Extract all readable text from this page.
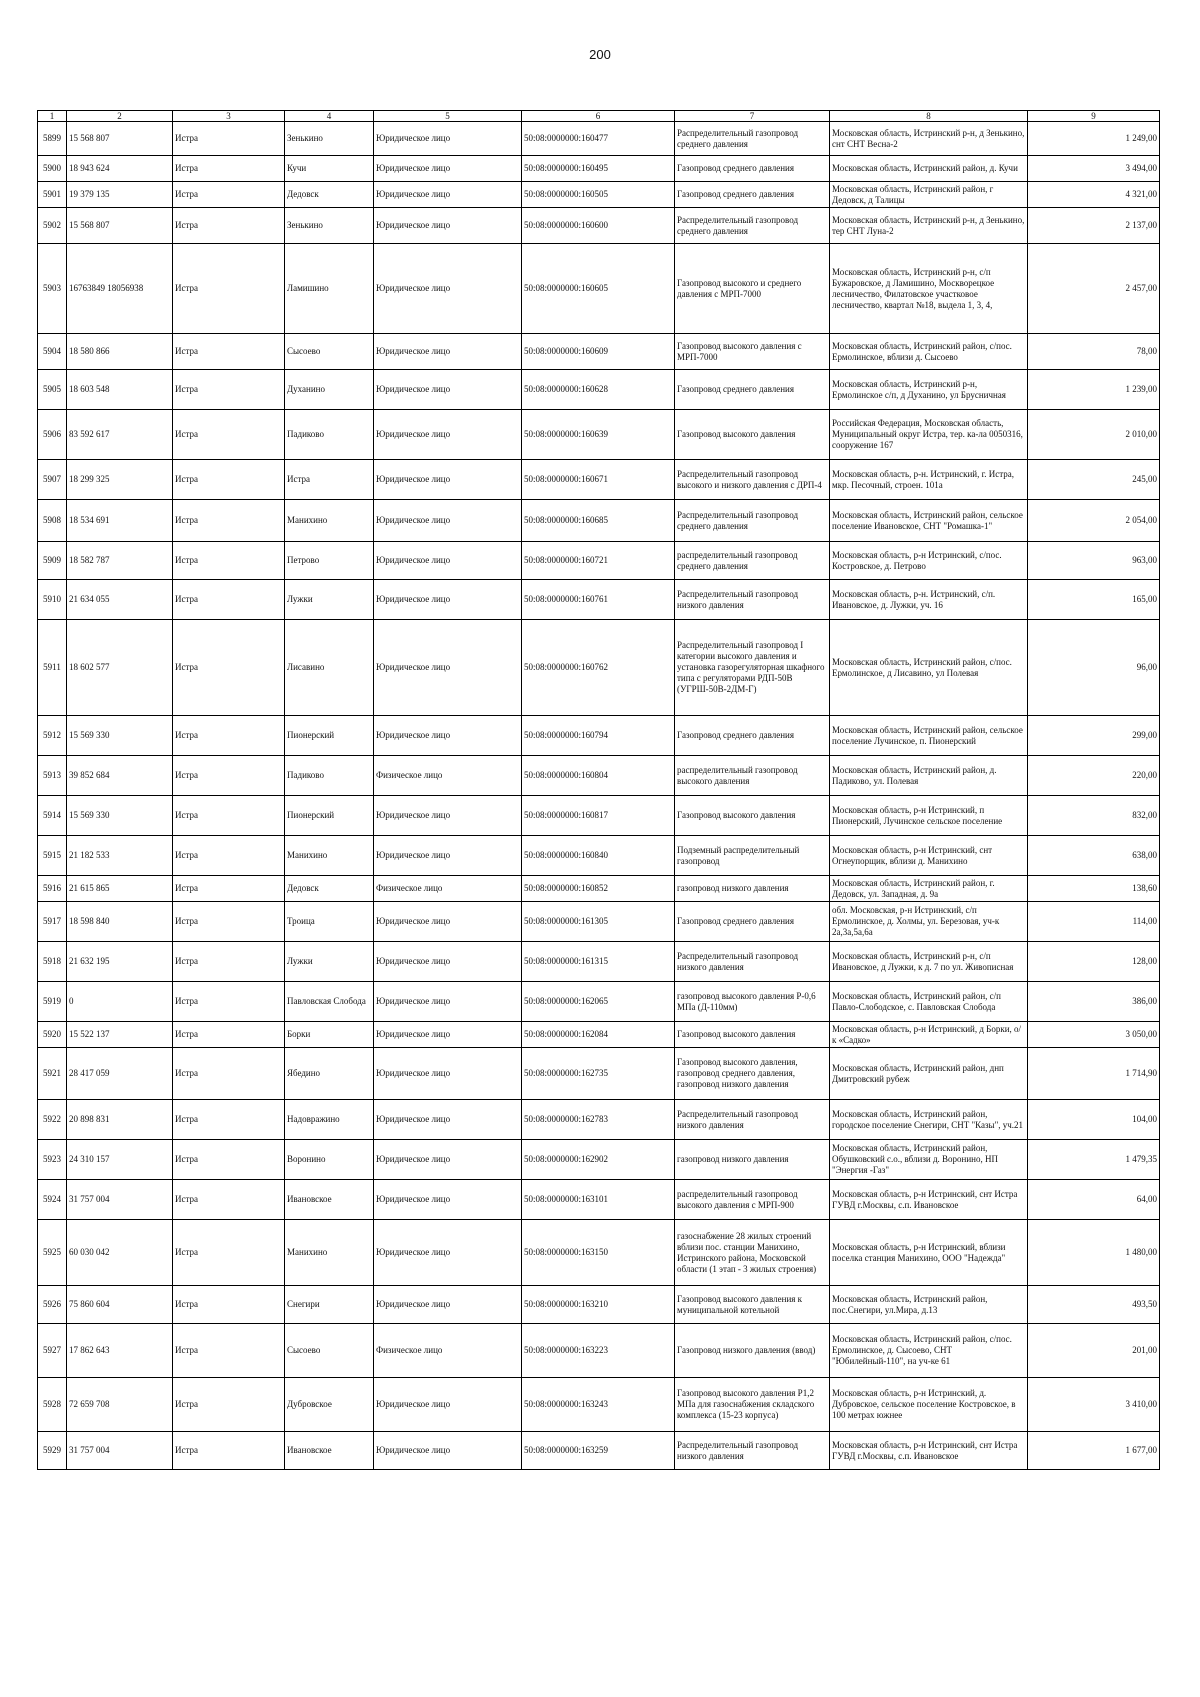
200
1	2	3	4	5	6	7	8	9
5899	15 568 807	Истра	Зенькино	Юридическое лицо	50:08:0000000:160477	Распределительный газопровод среднего давления	Московская область, Истринский р-н, д Зенькино, снт СНТ Весна-2	1 249,00
5900	18 943 624	Истра	Кучи	Юридическое лицо	50:08:0000000:160495	Газопровод среднего давления	Московская область, Истринский район, д. Кучи	3 494,00
5901	19 379 135	Истра	Дедовск	Юридическое лицо	50:08:0000000:160505	Газопровод среднего давления	Московская область, Истринский район, г Дедовск, д Талицы	4 321,00
5902	15 568 807	Истра	Зенькино	Юридическое лицо	50:08:0000000:160600	Распределительный газопровод среднего давления	Московская область, Истринский р-н, д Зенькино, тер СНТ Луна-2	2 137,00
5903	16763849 18056938	Истра	Ламишино	Юридическое лицо	50:08:0000000:160605	Газопровод высокого и среднего давления с МРП-7000	Московская область, Истринский р-н, с/п Бужаровское, д Ламишино, Москворецкое лесничество, Филатовское участковое лесничество, квартал №18, выдела 1, 3, 4,	2 457,00
5904	18 580 866	Истра	Сысоево	Юридическое лицо	50:08:0000000:160609	Газопровод высокого давления с МРП-7000	Московская область, Истринский район, с/пос. Ермолинское, вблизи д. Сысоево	78,00
5905	18 603 548	Истра	Духанино	Юридическое лицо	50:08:0000000:160628	Газопровод среднего давления	Московская область, Истринский р-н, Ермолинское с/п, д Духанино, ул Брусничная	1 239,00
5906	83 592 617	Истра	Падиково	Юридическое лицо	50:08:0000000:160639	Газопровод высокого давления	Российская Федерация, Московская область, Муниципальный округ Истра, тер. ка-ла 0050316, сооружение 167	2 010,00
5907	18 299 325	Истра	Истра	Юридическое лицо	50:08:0000000:160671	Распределительный газопровод высокого и низкого давления с ДРП-4	Московская область, р-н. Истринский, г. Истра, мкр. Песочный, строен. 101а	245,00
5908	18 534 691	Истра	Манихино	Юридическое лицо	50:08:0000000:160685	Распределительный газопровод среднего давления	Московская область, Истринский район, сельское поселение Ивановское, СНТ "Ромашка-1"	2 054,00
5909	18 582 787	Истра	Петрово	Юридическое лицо	50:08:0000000:160721	распределительный газопровод среднего давления	Московская область, р-н Истринский, с/пос. Костровское, д. Петрово	963,00
5910	21 634 055	Истра	Лужки	Юридическое лицо	50:08:0000000:160761	Распределительный газопровод низкого давления	Московская область, р-н. Истринский, с/п. Ивановское, д. Лужки, уч. 16	165,00
5911	18 602 577	Истра	Лисавино	Юридическое лицо	50:08:0000000:160762	Распределительный газопровод I категории высокого давления и установка газорегуляторная шкафного типа с регуляторами РДП-50В (УГРШ-50В-2ДМ-Г)	Московская область, Истринский район, с/пос. Ермолинское, д Лисавино, ул Полевая	96,00
5912	15 569 330	Истра	Пионерский	Юридическое лицо	50:08:0000000:160794	Газопровод среднего давления	Московская область, Истринский район, сельское поселение Лучинское, п. Пионерский	299,00
5913	39 852 684	Истра	Падиково	Физическое лицо	50:08:0000000:160804	распределительный газопровод высокого давления	Московская область, Истринский район, д. Падиково, ул. Полевая	220,00
5914	15 569 330	Истра	Пионерский	Юридическое лицо	50:08:0000000:160817	Газопровод высокого давления	Московская область, р-н Истринский, п Пионерский, Лучинское сельское поселение	832,00
5915	21 182 533	Истра	Манихино	Юридическое лицо	50:08:0000000:160840	Подземный распределительный газопровод	Московская область, р-н Истринский, снт Огнеупорщик, вблизи д. Манихино	638,00
5916	21 615 865	Истра	Дедовск	Физическое лицо	50:08:0000000:160852	газопровод низкого давления	Московская область, Истринский район, г. Дедовск, ул. Западная, д. 9а	138,60
5917	18 598 840	Истра	Троица	Юридическое лицо	50:08:0000000:161305	Газопровод среднего давления	обл. Московская, р-н Истринский, с/п Ермолинское, д. Холмы, ул. Березовая, уч-к 2а,3а,5а,6а	114,00
5918	21 632 195	Истра	Лужки	Юридическое лицо	50:08:0000000:161315	Распределительный газопровод низкого давления	Московская область, Истринский р-н, с/п Ивановское, д Лужки, к д. 7 по ул. Живописная	128,00
5919	0	Истра	Павловская Слобода	Юридическое лицо	50:08:0000000:162065	газопровод высокого давления Р-0,6 МПа (Д-110мм)	Московская область, Истринский район, с/п Павло-Слободское, с. Павловская Слобода	386,00
5920	15 522 137	Истра	Борки	Юридическое лицо	50:08:0000000:162084	Газопровод высокого давления	Московская область, р-н Истринский, д Борки, о/к «Садко»	3 050,00
5921	28 417 059	Истра	Ябедино	Юридическое лицо	50:08:0000000:162735	Газопровод высокого давления, газопровод среднего давления, газопровод низкого давления	Московская область, Истринский район, днп Дмитровский рубеж	1 714,90
5922	20 898 831	Истра	Надовражино	Юридическое лицо	50:08:0000000:162783	Распределительный газопровод низкого давления	Московская область, Истринский район, городское поселение Снегири, СНТ "Казы", уч.21	104,00
5923	24 310 157	Истра	Воронино	Юридическое лицо	50:08:0000000:162902	газопровод низкого давления	Московская область, Истринский район, Обушковский с.о., вблизи д. Воронино, НП "Энергия -Газ"	1 479,35
5924	31 757 004	Истра	Ивановское	Юридическое лицо	50:08:0000000:163101	распределительный газопровод высокого давления с МРП-900	Московская область, р-н Истринский, снт Истра ГУВД г.Москвы, с.п. Ивановское	64,00
5925	60 030 042	Истра	Манихино	Юридическое лицо	50:08:0000000:163150	газоснабжение 28 жилых строений вблизи пос. станции Манихино, Истринского района, Московской области (1 этап - 3 жилых строения)	Московская область, р-н Истринский, вблизи поселка станция Манихино, ООО "Надежда"	1 480,00
5926	75 860 604	Истра	Снегири	Юридическое лицо	50:08:0000000:163210	Газопровод высокого давления к муниципальной котельной	Московская область, Истринский район, пос.Снегири, ул.Мира, д.13	493,50
5927	17 862 643	Истра	Сысоево	Физическое лицо	50:08:0000000:163223	Газопровод низкого давления (ввод)	Московская область, Истринский район, с/пос. Ермолинское, д. Сысоево, СНТ "Юбилейный-110", на уч-ке 61	201,00
5928	72 659 708	Истра	Дубровское	Юридическое лицо	50:08:0000000:163243	Газопровод высокого давления Р1,2 МПа для газоснабжения складского комплекса (15-23 корпуса)	Московская область, р-н Истринский, д. Дубровское, сельское поселение Костровское, в 100 метрах южнее	3 410,00
5929	31 757 004	Истра	Ивановское	Юридическое лицо	50:08:0000000:163259	Распределительный газопровод низкого давления	Московская область, р-н Истринский, снт Истра ГУВД г.Москвы, с.п. Ивановское	1 677,00
